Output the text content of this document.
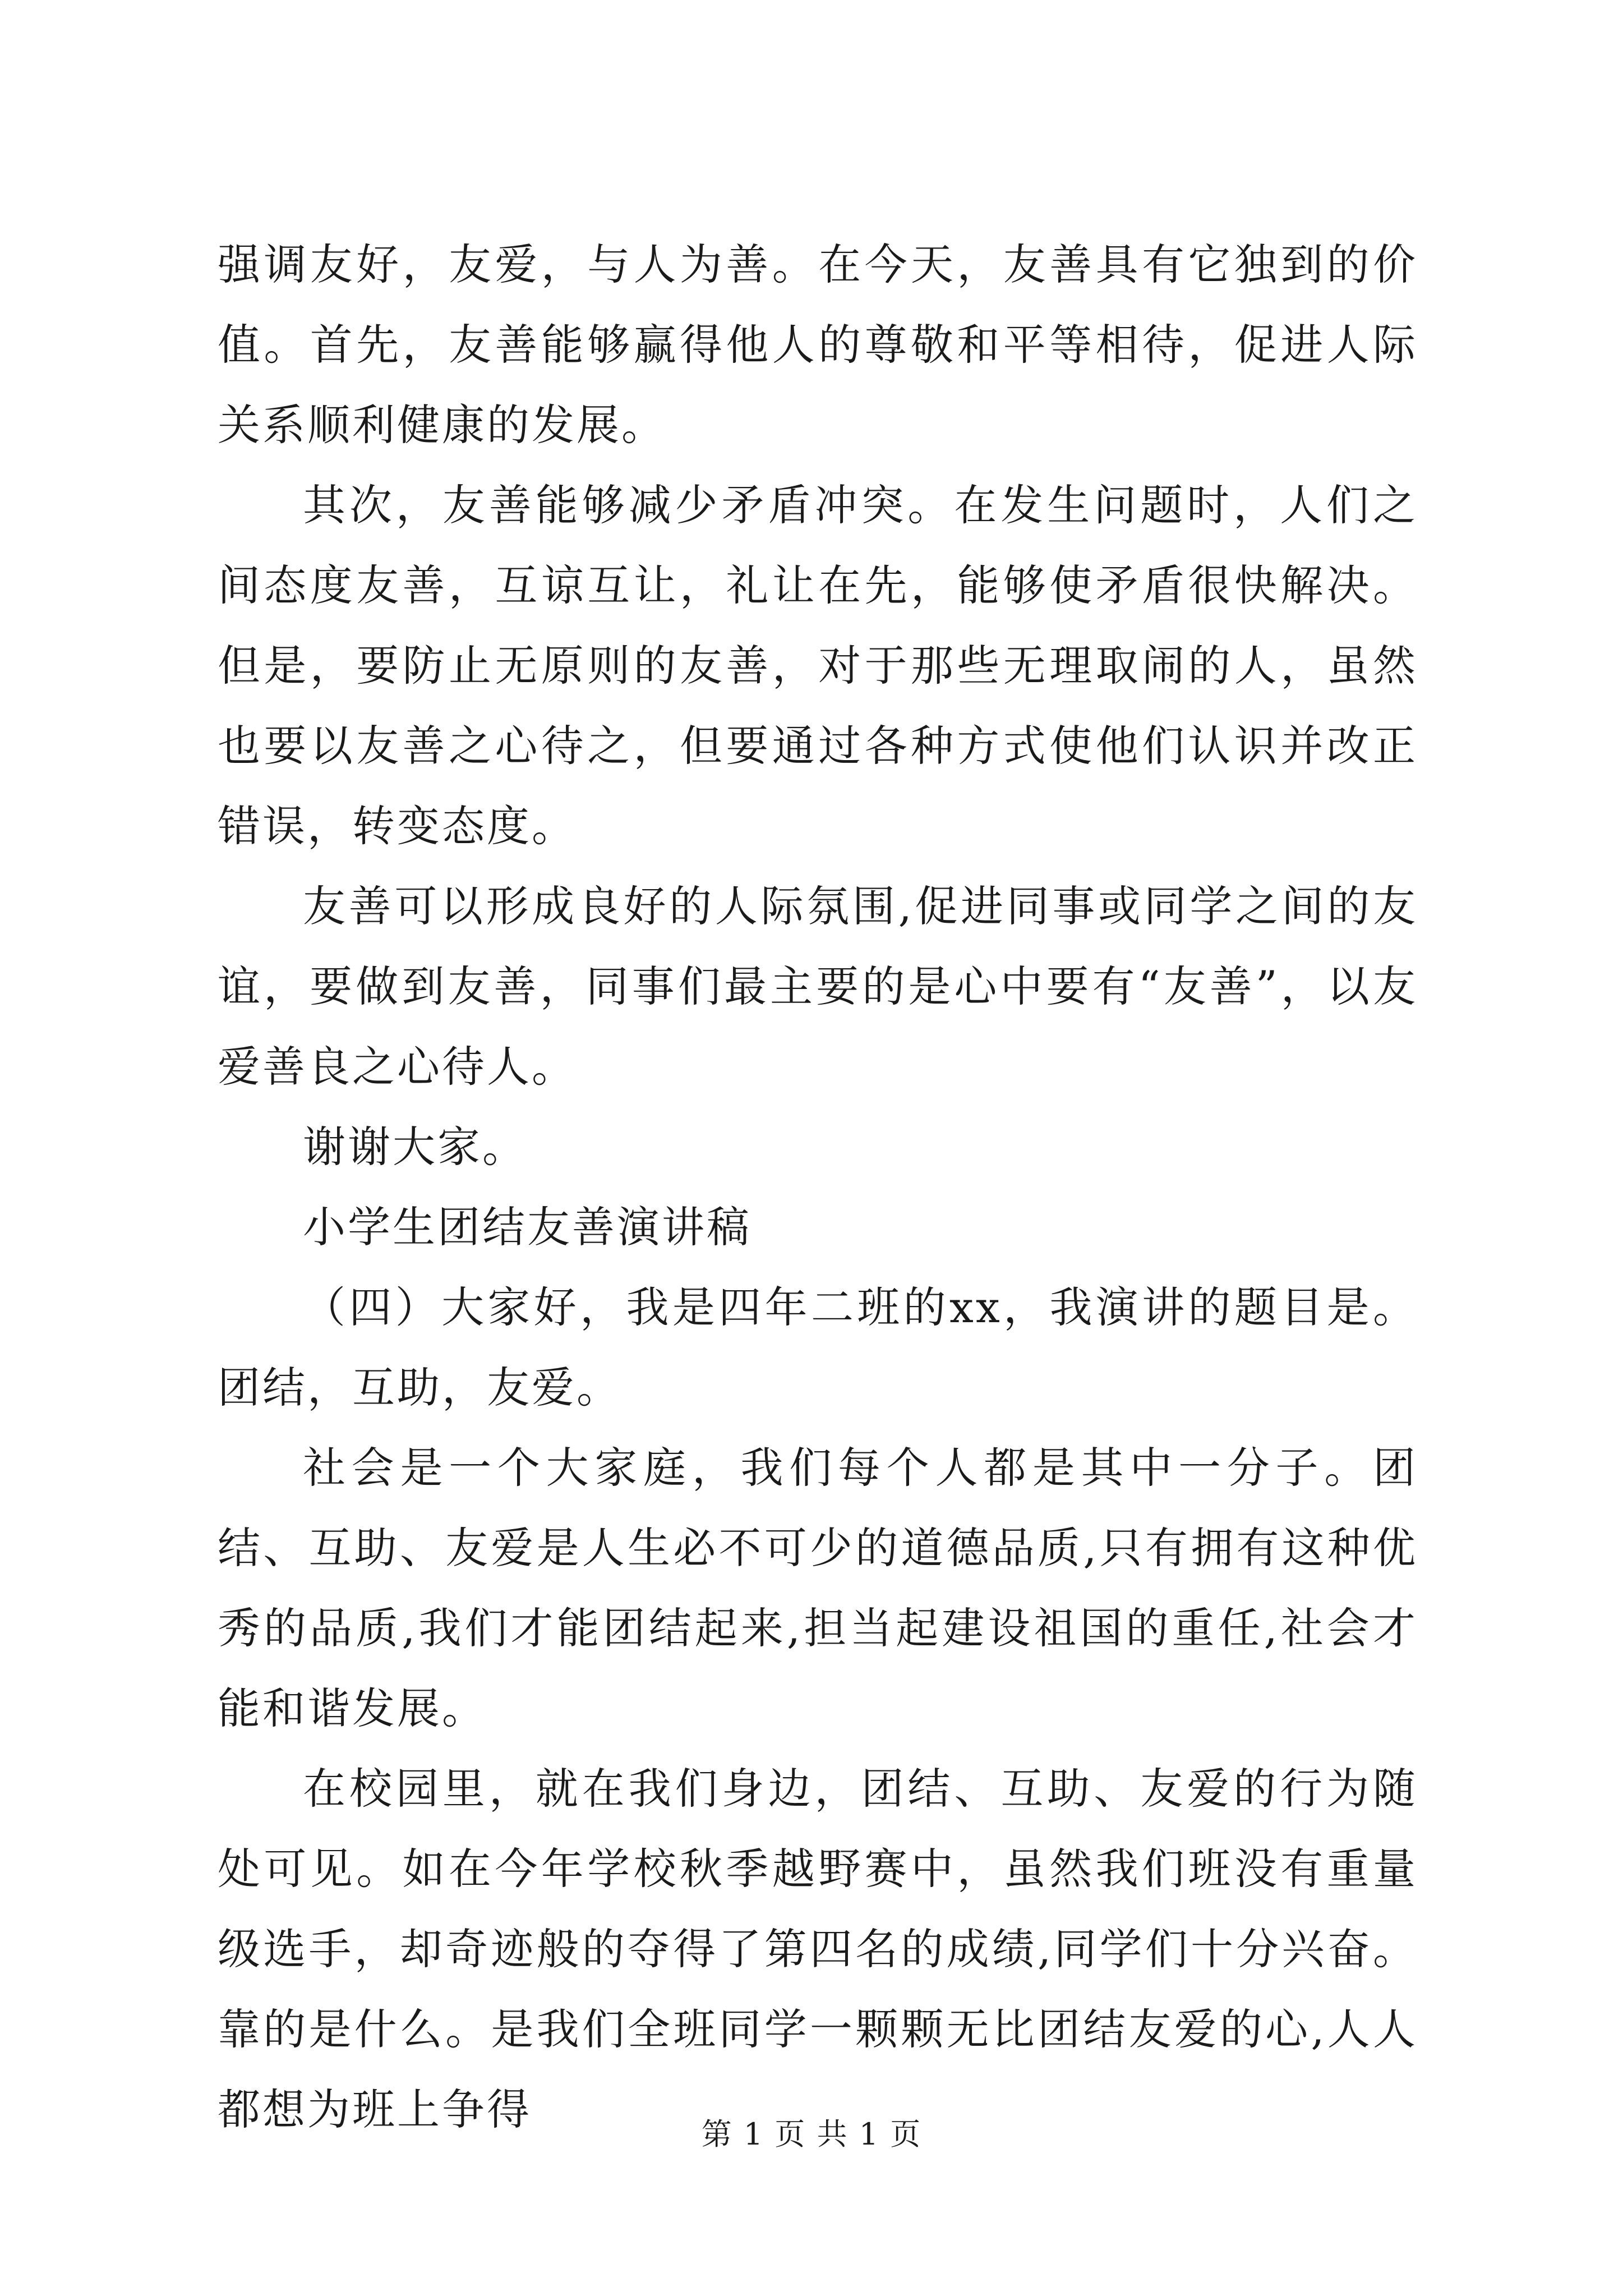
强调友好，友爱，与人为善。在今天，友善具有它独到的价值。首先，友善能够赢得他人的尊敬和平等相待，促进人际关系顺利健康的发展。

其次，友善能够减少矛盾冲突。在发生问题时，人们之间态度友善，互谅互让，礼让在先，能够使矛盾很快解决。但是，要防止无原则的友善，对于那些无理取闹的人，虽然也要以友善之心待之，但要通过各种方式使他们认识并改正错误，转变态度。

友善可以形成良好的人际氛围,促进同事或同学之间的友谊，要做到友善，同事们最主要的是心中要有“友善”，以友爱善良之心待人。

谢谢大家。

小学生团结友善演讲稿

（四）大家好，我是四年二班的xx，我演讲的题目是。团结，互助，友爱。

社会是一个大家庭，我们每个人都是其中一分子。团结、互助、友爱是人生必不可少的道德品质,只有拥有这种优秀的品质,我们才能团结起来,担当起建设祖国的重任,社会才能和谐发展。

在校园里，就在我们身边，团结、互助、友爱的行为随处可见。如在今年学校秋季越野赛中，虽然我们班没有重量级选手，却奇迹般的夺得了第四名的成绩,同学们十分兴奋。靠的是什么。是我们全班同学一颗颗无比团结友爱的心,人人都想为班上争得	第 1 页 共 1 页
